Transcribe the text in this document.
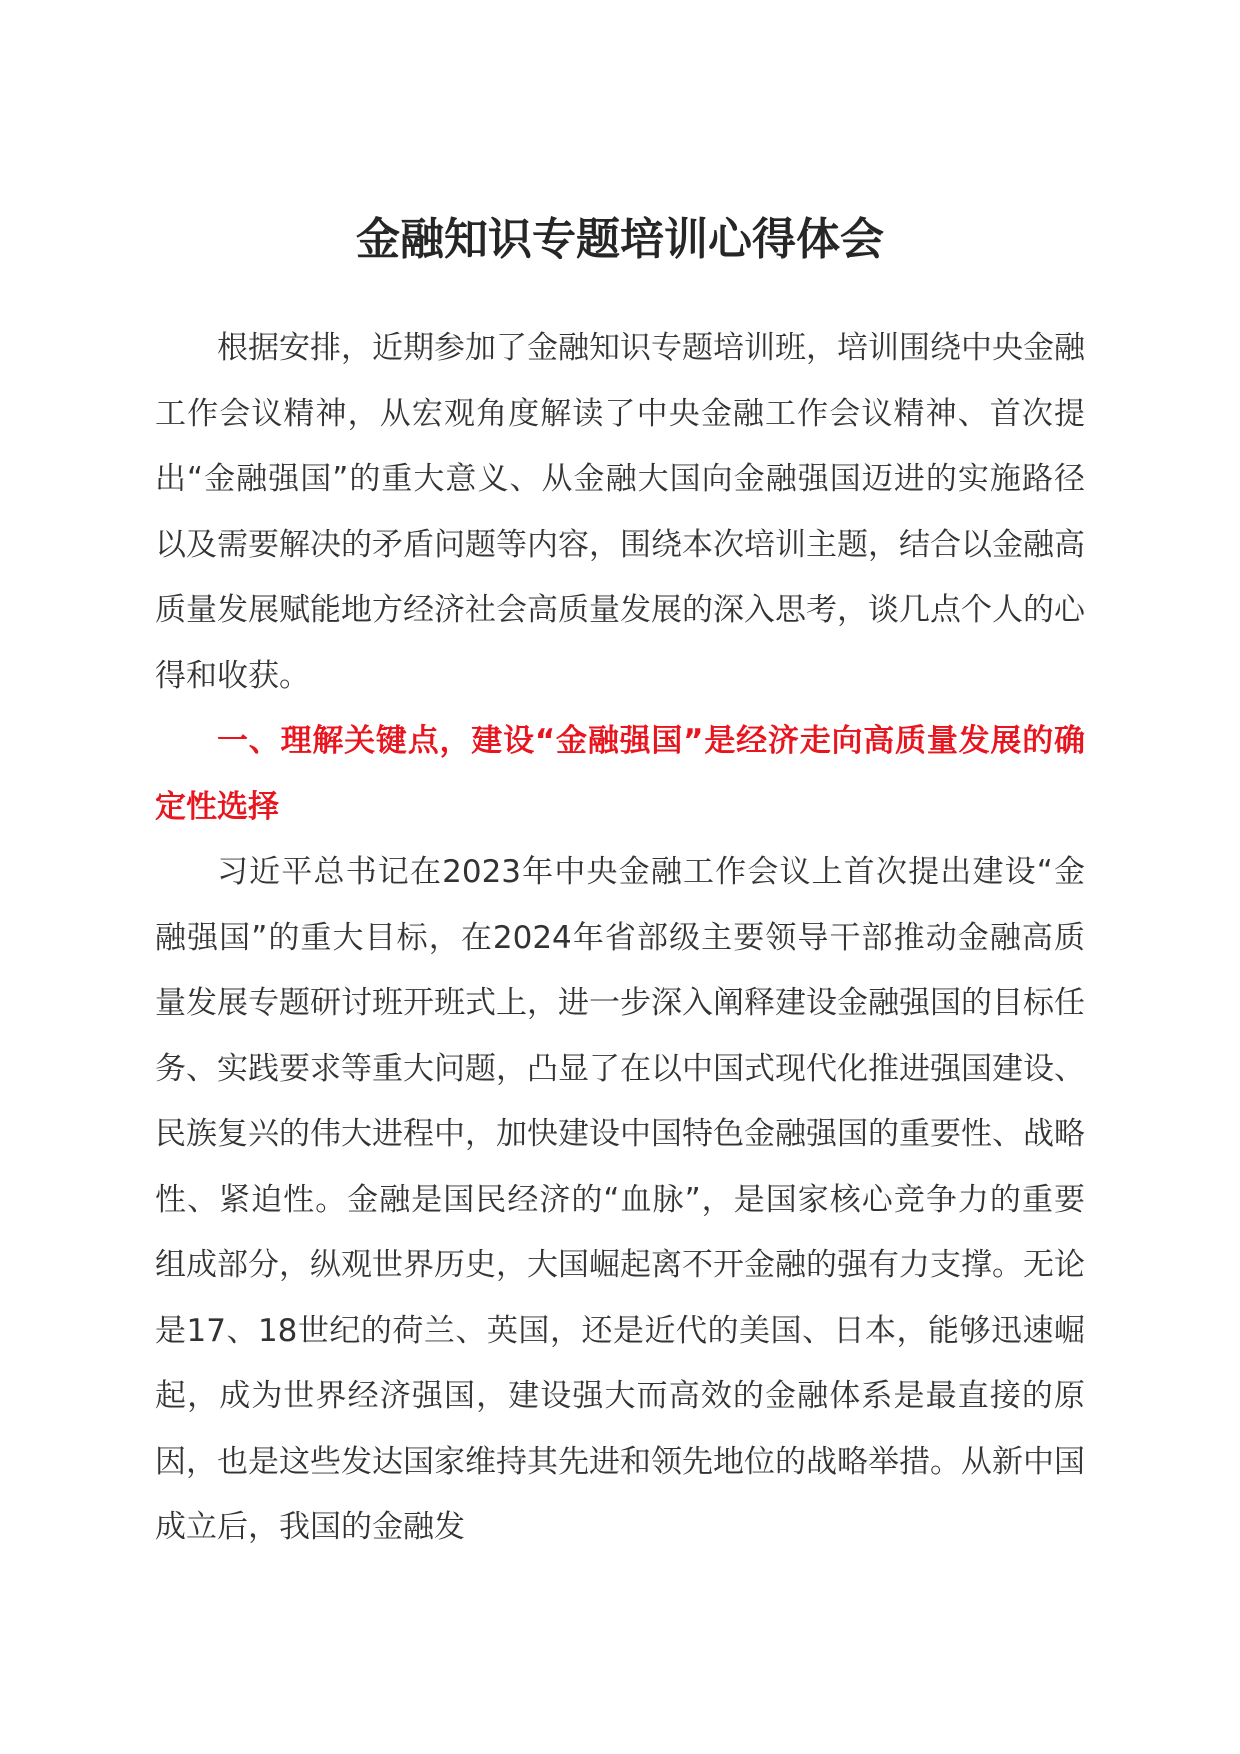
金融知识专题培训心得体会

根据安排，近期参加了金融知识专题培训班，培训围绕中央金融工作会议精神，从宏观角度解读了中央金融工作会议精神、首次提出“金融强国”的重大意义、从金融大国向金融强国迈进的实施路径以及需要解决的矛盾问题等内容，围绕本次培训主题，结合以金融高质量发展赋能地方经济社会高质量发展的深入思考，谈几点个人的心得和收获。

一、理解关键点，建设“金融强国”是经济走向高质量发展的确定性选择

习近平总书记在2023年中央金融工作会议上首次提出建设“金融强国”的重大目标，在2024年省部级主要领导干部推动金融高质量发展专题研讨班开班式上，进一步深入阐释建设金融强国的目标任务、实践要求等重大问题，凸显了在以中国式现代化推进强国建设、民族复兴的伟大进程中，加快建设中国特色金融强国的重要性、战略性、紧迫性。金融是国民经济的“血脉”，是国家核心竞争力的重要组成部分，纵观世界历史，大国崛起离不开金融的强有力支撑。无论是17、18世纪的荷兰、英国，还是近代的美国、日本，能够迅速崛起，成为世界经济强国，建设强大而高效的金融体系是最直接的原因，也是这些发达国家维持其先进和领先地位的战略举措。从新中国成立后，我国的金融发
